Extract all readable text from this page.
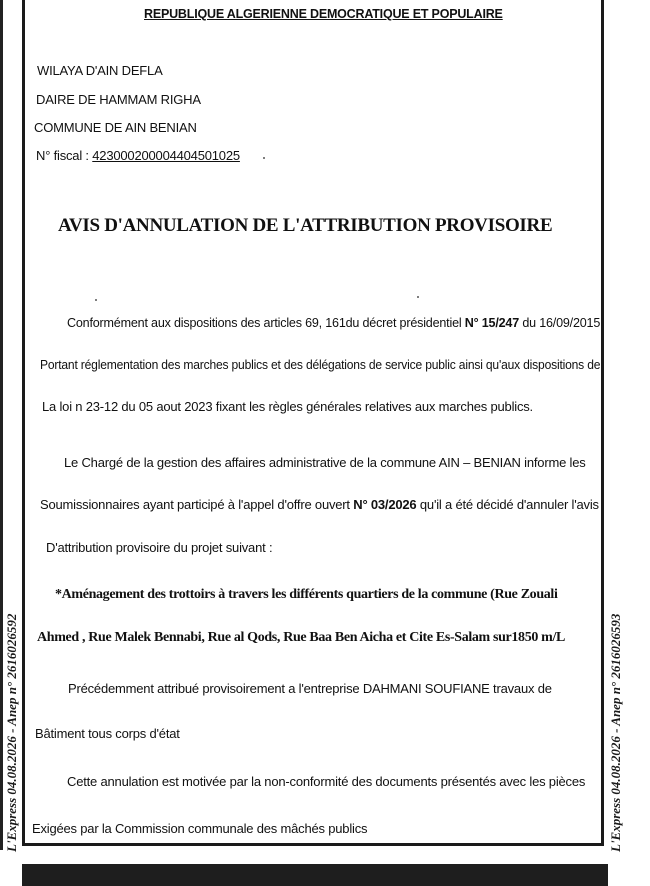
REPUBLIQUE ALGERIENNE DEMOCRATIQUE ET POPULAIRE
WILAYA D'AIN DEFLA
DAIRE DE HAMMAM RIGHA
COMMUNE DE AIN BENIAN
N° fiscal : 423000200004404501025
AVIS D'ANNULATION DE L'ATTRIBUTION PROVISOIRE
Conformément aux dispositions des articles 69, 161du décret présidentiel N° 15/247 du 16/09/2015
Portant réglementation des marches publics et des délégations de service public ainsi qu'aux dispositions de
La loi n 23-12 du 05 aout 2023 fixant les règles générales relatives aux marches publics.
Le Chargé de la gestion des affaires administrative de la commune AIN – BENIAN informe les
Soumissionnaires ayant participé à l'appel d'offre ouvert N° 03/2026 qu'il a été décidé d'annuler l'avis
D'attribution provisoire du projet suivant :
*Aménagement des trottoirs à travers les différents quartiers de la commune (Rue Zouali
Ahmed , Rue Malek Bennabi, Rue al Qods, Rue Baa Ben Aicha et Cite Es-Salam sur1850 m/L
Précédemment attribué provisoirement a l'entreprise DAHMANI SOUFIANE travaux de
Bâtiment tous corps d'état
Cette annulation est motivée par la non-conformité des documents présentés avec les pièces
Exigées par la Commission communale des mâchés publics
L'Express 04.08.2026 - Anep n° 2616026592	L'Express 04.08.2026 - Anep n° 2616026593
